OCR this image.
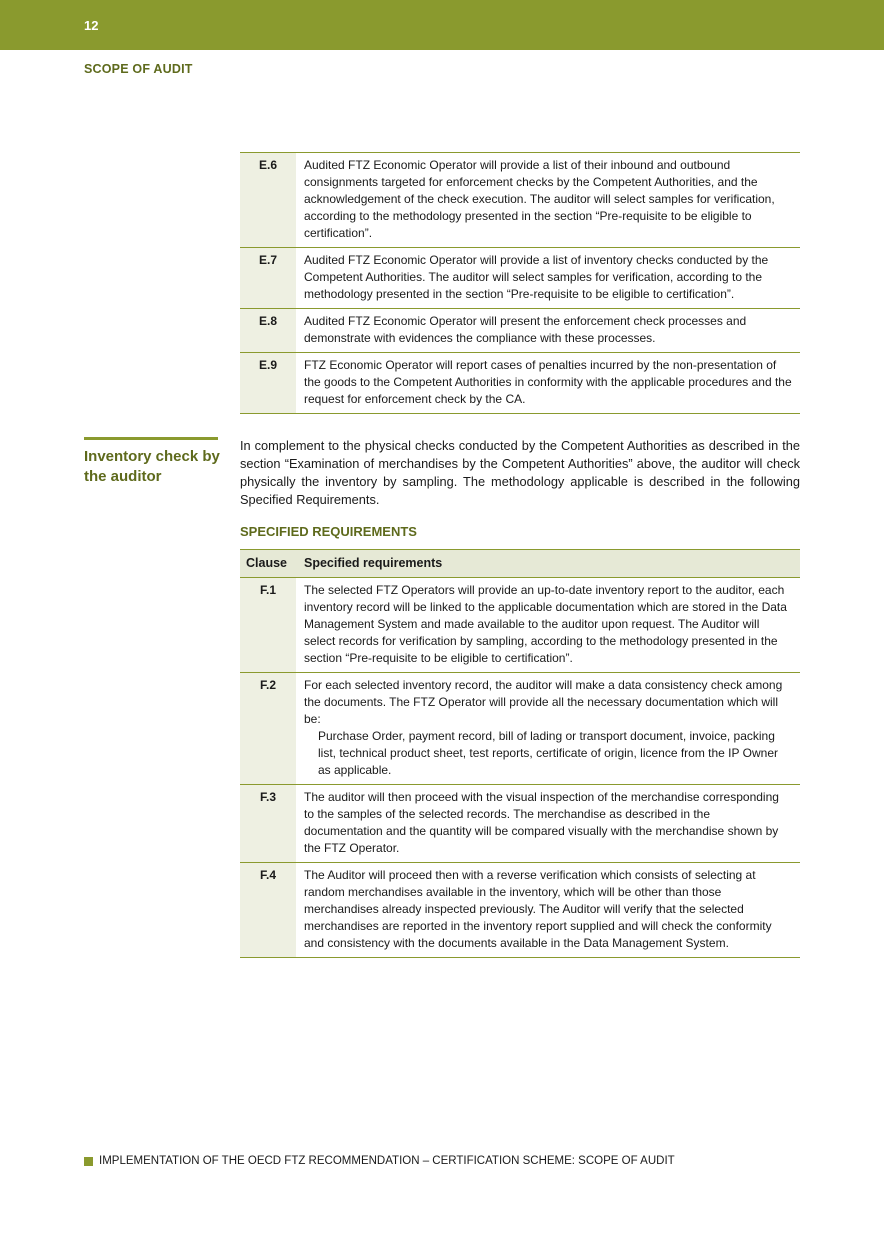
12
SCOPE OF AUDIT
E.6	Audited FTZ Economic Operator will provide a list of their inbound and outbound consignments targeted for enforcement checks by the Competent Authorities, and the acknowledgement of the check execution. The auditor will select samples for verification, according to the methodology presented in the section “Pre-requisite to be eligible to certification”.
E.7	Audited FTZ Economic Operator will provide a list of inventory checks conducted by the Competent Authorities. The auditor will select samples for verification, according to the methodology presented in the section “Pre-requisite to be eligible to certification”.
E.8	Audited FTZ Economic Operator will present the enforcement check processes and demonstrate with evidences the compliance with these processes.
E.9	FTZ Economic Operator will report cases of penalties incurred by the non-presentation of the goods to the Competent Authorities in conformity with the applicable procedures and the request for enforcement check by the CA.
Inventory check by the auditor
In complement to the physical checks conducted by the Competent Authorities as described in the section “Examination of merchandises by the Competent Authorities” above, the auditor will check physically the inventory by sampling. The methodology applicable is described in the following Specified Requirements.
SPECIFIED REQUIREMENTS
Clause	Specified requirements
F.1	The selected FTZ Operators will provide an up-to-date inventory report to the auditor, each inventory record will be linked to the applicable documentation which are stored in the Data Management System and made available to the auditor upon request. The Auditor will select records for verification by sampling, according to the methodology presented in the section “Pre-requisite to be eligible to certification”.
F.2	For each selected inventory record, the auditor will make a data consistency check among the documents. The FTZ Operator will provide all the necessary documentation which will be:
Purchase Order, payment record, bill of lading or transport document, invoice, packing list, technical product sheet, test reports, certificate of origin, licence from the IP Owner as applicable.

F.3	The auditor will then proceed with the visual inspection of the merchandise corresponding to the samples of the selected records. The merchandise as described in the documentation and the quantity will be compared visually with the merchandise shown by the FTZ Operator.
F.4	The Auditor will proceed then with a reverse verification which consists of selecting at random merchandises available in the inventory, which will be other than those merchandises already inspected previously. The Auditor will verify that the selected merchandises are reported in the inventory report supplied and will check the conformity and consistency with the documents available in the Data Management System.
IMPLEMENTATION OF THE OECD FTZ RECOMMENDATION – CERTIFICATION SCHEME: SCOPE OF AUDIT
